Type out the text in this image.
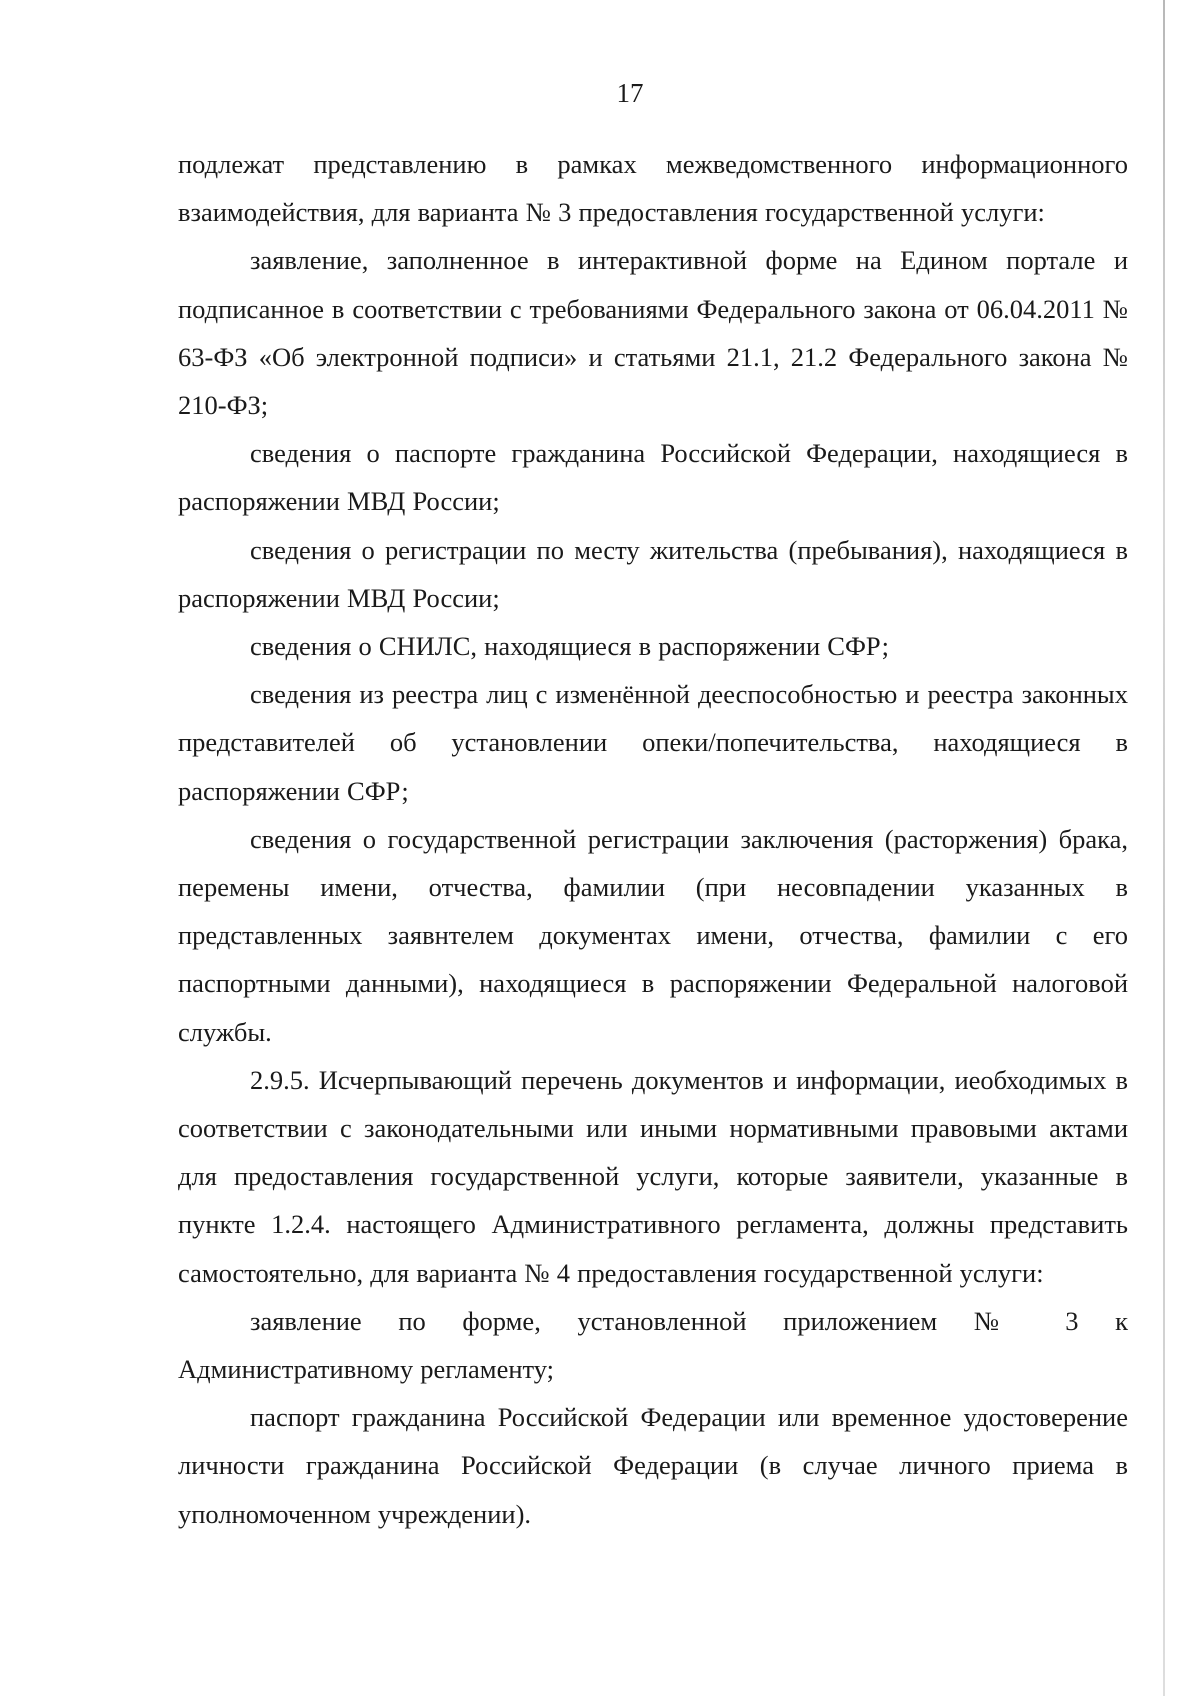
17

подлежат представлению в рамках межведомственного информационного взаимодействия, для варианта № 3 предоставления государственной услуги:

заявление, заполненное в интерактивной форме на Едином портале и подписанное в соответствии с требованиями Федерального закона от 06.04.2011 № 63-ФЗ «Об электронной подписи» и статьями 21.1, 21.2 Федерального закона № 210-ФЗ;

сведения о паспорте гражданина Российской Федерации, находящиеся в распоряжении МВД России;

сведения о регистрации по месту жительства (пребывания), находящиеся в распоряжении МВД России;

сведения о СНИЛС, находящиеся в распоряжении СФР;

сведения из реестра лиц с изменённой дееспособностью и реестра законных представителей об установлении опеки/попечительства, находящиеся в распоряжении СФР;

сведения о государственной регистрации заключения (расторжения) брака, перемены имени, отчества, фамилии (при несовпадении указанных в представленных заявнтелем документах имени, отчества, фамилии с его паспортными данными), находящиеся в распоряжении Федеральной налоговой службы.

2.9.5. Исчерпывающий перечень документов и информации, иеобходимых в соответствии с законодательными или иными нормативными правовыми актами для предоставления государственной услуги, которые заявители, указанные в пункте 1.2.4. настоящего Административного регламента, должны представить самостоятельно, для варианта № 4 предоставления государственной услуги:

заявление по форме, установленной приложением № 3 к Административному регламенту;

паспорт гражданина Российской Федерации или временное удостоверение личности гражданина Российской Федерации (в случае личного приема в уполномоченном учреждении).
